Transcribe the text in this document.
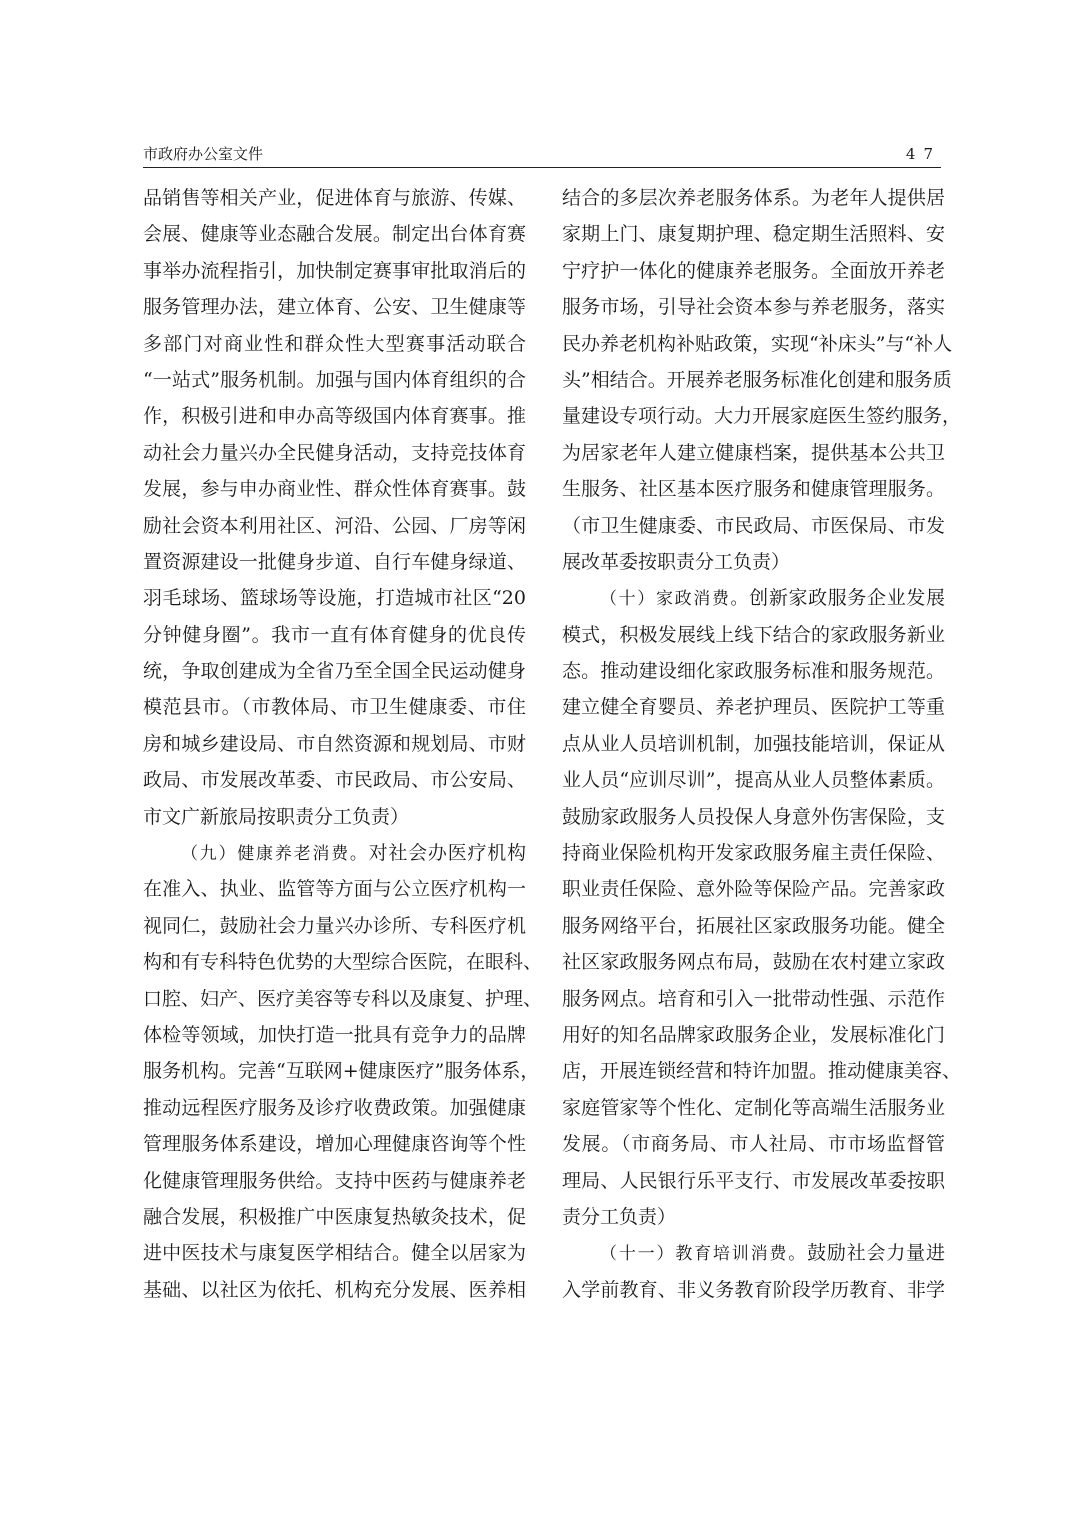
市政府办公室文件	47
品销售等相关产业，促进体育与旅游、传媒、
会展、健康等业态融合发展。制定出台体育赛
事举办流程指引，加快制定赛事审批取消后的
服务管理办法，建立体育、公安、卫生健康等
多部门对商业性和群众性大型赛事活动联合
“一站式”服务机制。加强与国内体育组织的合
作，积极引进和申办高等级国内体育赛事。推
动社会力量兴办全民健身活动，支持竞技体育
发展，参与申办商业性、群众性体育赛事。鼓
励社会资本利用社区、河沿、公园、厂房等闲
置资源建设一批健身步道、自行车健身绿道、
羽毛球场、篮球场等设施，打造城市社区“20
分钟健身圈”。我市一直有体育健身的优良传
统，争取创建成为全省乃至全国全民运动健身
模范县市。（市教体局、市卫生健康委、市住
房和城乡建设局、市自然资源和规划局、市财
政局、市发展改革委、市民政局、市公安局、
市文广新旅局按职责分工负责）
（九）健康养老消费。对社会办医疗机构
在准入、执业、监管等方面与公立医疗机构一
视同仁，鼓励社会力量兴办诊所、专科医疗机
构和有专科特色优势的大型综合医院，在眼科、
口腔、妇产、医疗美容等专科以及康复、护理、
体检等领域，加快打造一批具有竞争力的品牌
服务机构。完善“互联网+健康医疗”服务体系，
推动远程医疗服务及诊疗收费政策。加强健康
管理服务体系建设，增加心理健康咨询等个性
化健康管理服务供给。支持中医药与健康养老
融合发展，积极推广中医康复热敏灸技术，促
进中医技术与康复医学相结合。健全以居家为
基础、以社区为依托、机构充分发展、医养相
结合的多层次养老服务体系。为老年人提供居
家期上门、康复期护理、稳定期生活照料、安
宁疗护一体化的健康养老服务。全面放开养老
服务市场，引导社会资本参与养老服务，落实
民办养老机构补贴政策，实现“补床头”与“补人
头”相结合。开展养老服务标准化创建和服务质
量建设专项行动。大力开展家庭医生签约服务，
为居家老年人建立健康档案，提供基本公共卫
生服务、社区基本医疗服务和健康管理服务。
（市卫生健康委、市民政局、市医保局、市发
展改革委按职责分工负责）
（十）家政消费。创新家政服务企业发展
模式，积极发展线上线下结合的家政服务新业
态。推动建设细化家政服务标准和服务规范。
建立健全育婴员、养老护理员、医院护工等重
点从业人员培训机制，加强技能培训，保证从
业人员“应训尽训”，提高从业人员整体素质。
鼓励家政服务人员投保人身意外伤害保险，支
持商业保险机构开发家政服务雇主责任保险、
职业责任保险、意外险等保险产品。完善家政
服务网络平台，拓展社区家政服务功能。健全
社区家政服务网点布局，鼓励在农村建立家政
服务网点。培育和引入一批带动性强、示范作
用好的知名品牌家政服务企业，发展标准化门
店，开展连锁经营和特许加盟。推动健康美容、
家庭管家等个性化、定制化等高端生活服务业
发展。（市商务局、市人社局、市市场监督管
理局、人民银行乐平支行、市发展改革委按职
责分工负责）
（十一）教育培训消费。鼓励社会力量进
入学前教育、非义务教育阶段学历教育、非学
